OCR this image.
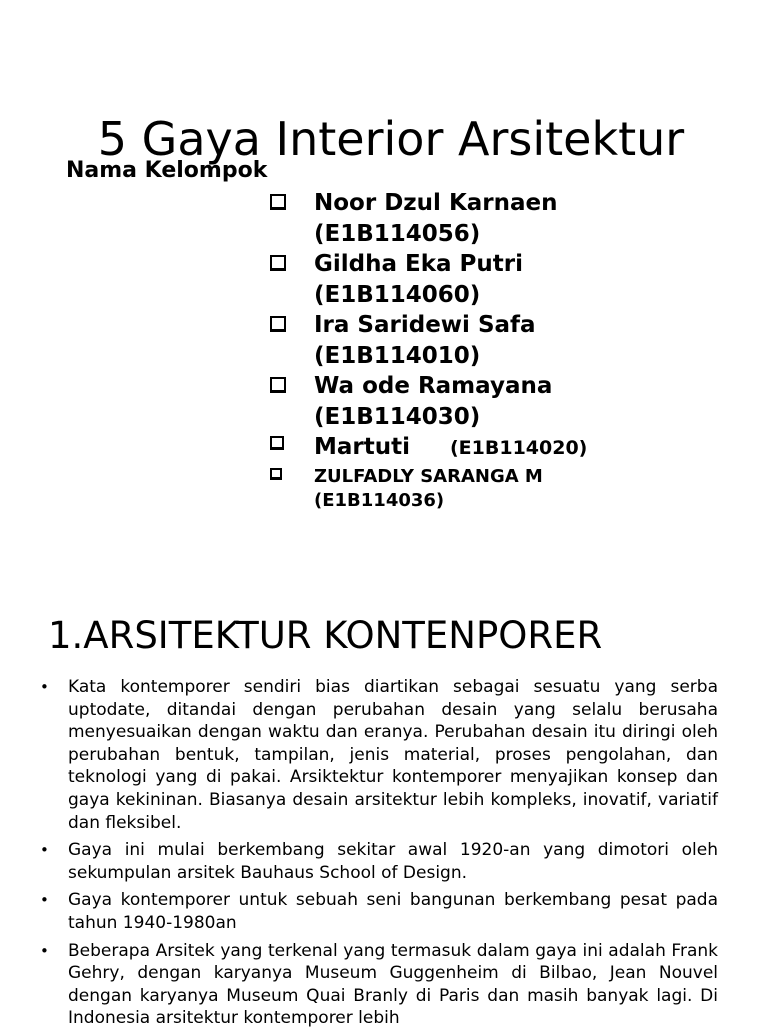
5 Gaya Interior Arsitektur
Nama Kelompok
Noor Dzul Karnaen
(E1B114056)
Gildha Eka Putri
(E1B114060)
Ira Saridewi Safa
(E1B114010)
Wa ode Ramayana
(E1B114030)
Martuti (E1B114020)
ZULFADLY SARANGA M
(E1B114036)
1.ARSITEKTUR KONTENPORER
• Kata kontemporer sendiri bias diartikan sebagai sesuatu yang serba uptodate, ditandai dengan perubahan desain yang selalu berusaha menyesuaikan dengan waktu dan eranya. Perubahan desain itu diringi oleh perubahan bentuk, tampilan, jenis material, proses pengolahan, dan teknologi yang di pakai. Arsiktektur kontemporer menyajikan konsep dan gaya kekininan. Biasanya desain arsitektur lebih kompleks, inovatif, variatif dan fleksibel.
• Gaya ini mulai berkembang sekitar awal 1920-an yang dimotori oleh sekumpulan arsitek Bauhaus School of Design.
• Gaya kontemporer untuk sebuah seni bangunan berkembang pesat pada tahun 1940-1980an
• Beberapa Arsitek yang terkenal yang termasuk dalam gaya ini adalah Frank Gehry, dengan karyanya Museum Guggenheim di Bilbao, Jean Nouvel dengan karyanya Museum Quai Branly di Paris dan masih banyak lagi. Di Indonesia arsitektur kontemporer lebih
